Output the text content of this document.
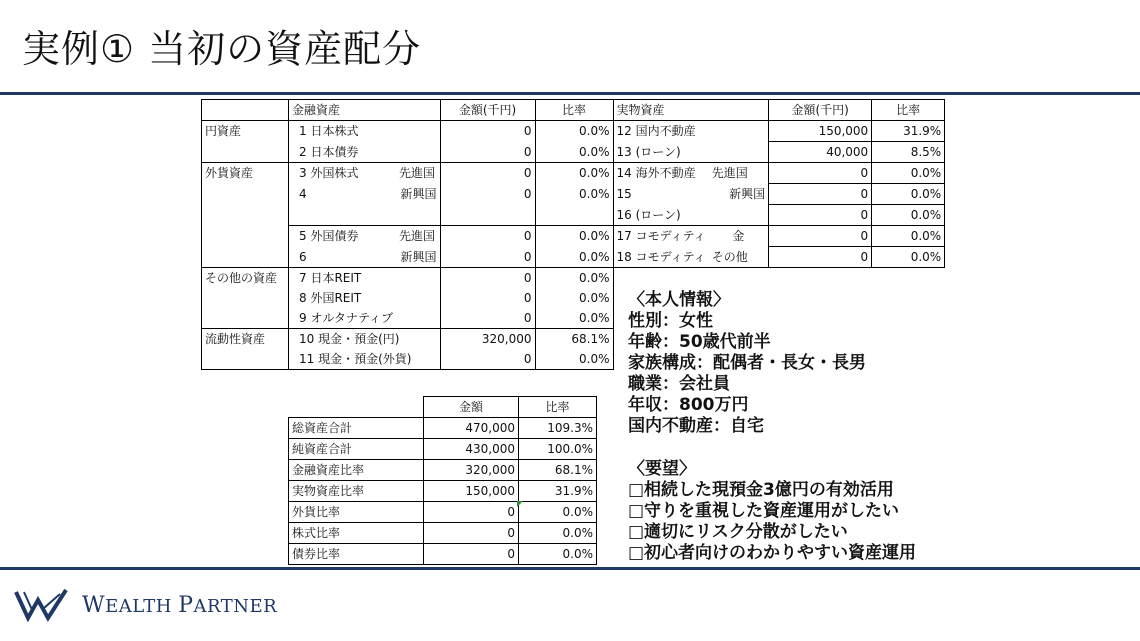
実例① 当初の資産配分
	金融資産		金額(千円)	比率	実物資産		金額(千円)	比率
円資産	1 日本株式		0	0.0%	12 国内不動産		150,000	31.9%
	2 日本債券		0	0.0%	13 (ローン)		40,000	8.5%
外貨資産	3 外国株式	先進国	0	0.0%	14 海外不動産	先進国	0	0.0%
	4	新興国	0	0.0%	15	新興国	0	0.0%
					16 (ローン)		0	0.0%
	5 外国債券	先進国	0	0.0%	17 コモディティ	金	0	0.0%
	6	新興国	0	0.0%	18 コモディティ	その他	0	0.0%
その他の資産	7 日本REIT		0	0.0%				
	8 外国REIT		0	0.0%				
	9 オルタナティブ		0	0.0%				
流動性資産	10 現金・預金(円)		320,000	68.1%				
	11 現金・預金(外貨)		0	0.0%				
	金額	比率
総資産合計	470,000	109.3%
純資産合計	430,000	100.0%
金融資産比率	320,000	68.1%
実物資産比率	150,000	31.9%
外貨比率	0	0.0%
株式比率	0	0.0%
債券比率	0	0.0%
〈本人情報〉
性別：女性
年齢：50歳代前半
家族構成：配偶者・長女・長男
職業：会社員
年収：800万円
国内不動産：自宅
〈要望〉
□相続した現預金3億円の有効活用
□守りを重視した資産運用がしたい
□適切にリスク分散がしたい
□初心者向けのわかりやすい資産運用
WEALTH PARTNER
